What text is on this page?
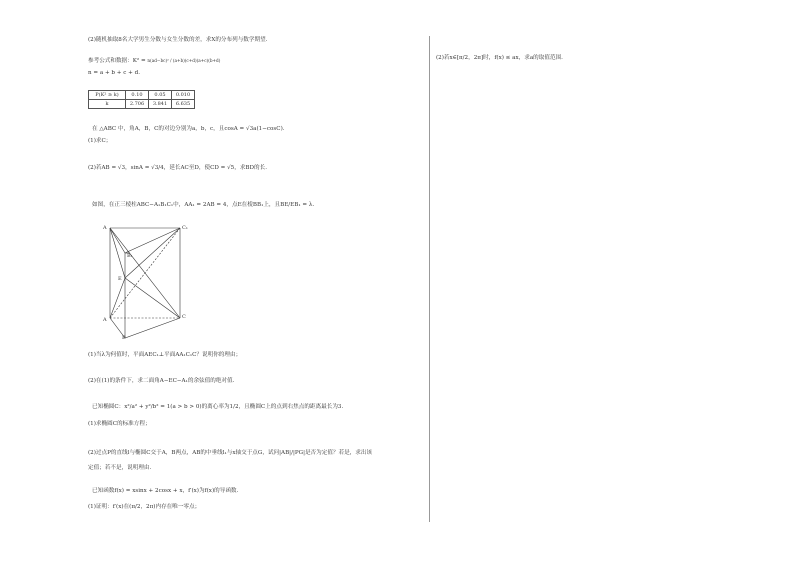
(2)随机抽取8名大学男生分数与女生分数的差，求X的分布列与数学期望.
参考公式和数据：K² = n(ad−bc)² / (a+b)(c+d)(a+c)(b+d)
n = a + b + c + d.
P(K² ≥ k)	0.10	0.05	0.010
k	2.706	3.841	6.635
在 △ABC 中，角A，B，C的对边分别为a，b，c，且cosA = √3a(1−cosC).
(1)求C；
(2)若AB = √3，sinA = √3/4，延长AC至D，使CD = √5，求BD的长.
如图，在正三棱柱ABC−A₁B₁C₁中，AA₁ = 2AB = 4，点E在棱BB₁上，且BE/EB₁ = λ.
A	C₁
B₁
E
A	C
B
(1)当λ为何值时，平面AEC₁⊥平面AA₁C₁C？说明你的理由；
(2)在(1)的条件下，求二面角A−EC−A₁的余弦值的绝对值.
已知椭圆C：x²/a² + y²/b² = 1(a > b > 0)的离心率为1/2，且椭圆C上的点到右焦点的距离最长为3.
(1)求椭圆C的标准方程；
(2)过点P的直线l与椭圆C交于A，B两点，AB的中垂线l₁与x轴交于点G，试问|AB|/|PG|是否为定值？若是，求出该
定值；若不是，说明理由.
已知函数f(x) = xsinx + 2cosx + x，f′(x)为f(x)的导函数.
(1)证明：f′(x)在(π/2，2π)内存在唯一零点；
(2)若x∈[π/2，2π]时，f(x) ≤ ax，求a的取值范围.
